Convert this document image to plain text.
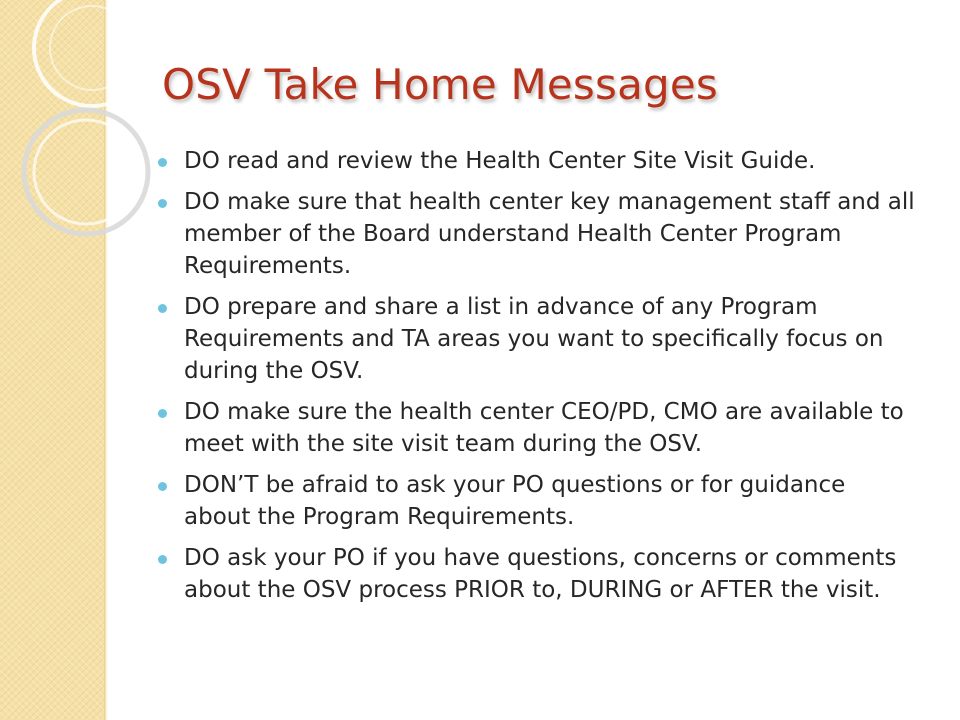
OSV Take Home Messages
DO read and review the Health Center Site Visit Guide.
DO make sure that health center key management staff and all member of the Board understand Health Center Program Requirements.
DO prepare and share a list in advance of any Program Requirements and TA areas you want to specifically focus on during the OSV.
DO make sure the health center CEO/PD, CMO are available to meet with the site visit team during the OSV.
DON’T be afraid to ask your PO questions or for guidance about the Program Requirements.
DO ask your PO if you have questions, concerns or comments about the OSV process PRIOR to, DURING or AFTER the visit.
